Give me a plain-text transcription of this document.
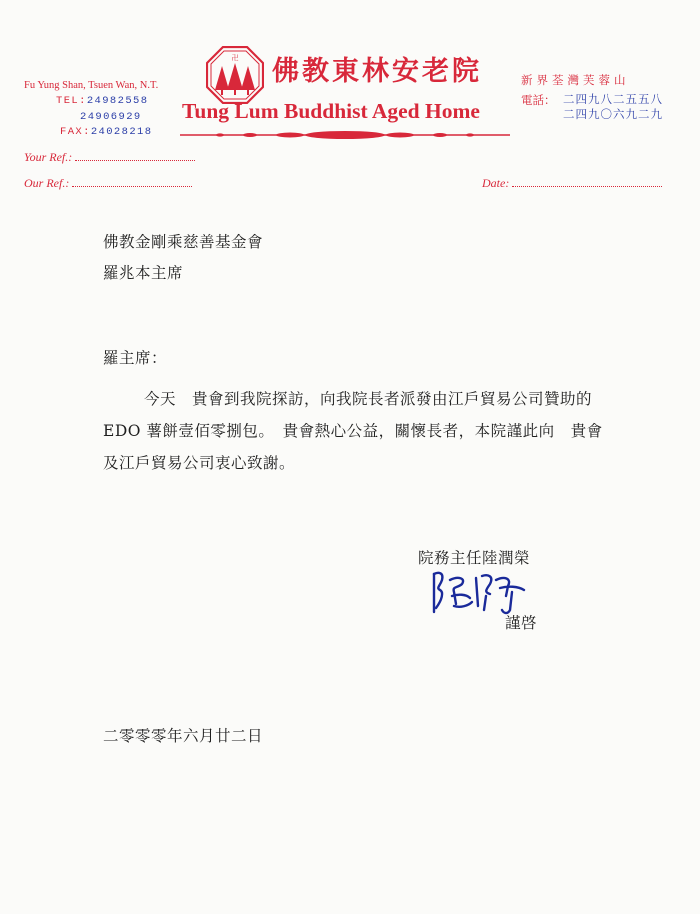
卍 佛教東林安老院
Tung Lum Buddhist Aged Home
Fu Yung Shan, Tsuen Wan, N.T.
TEL:24982558
24906929
FAX:24028218
新界荃灣芙蓉山
電話： 二四九八二五五八
二四九〇六九二九
Your Ref.:
Our Ref.:	Date:
佛教金剛乘慈善基金會
羅兆本主席
羅主席：
今天　貴會到我院探訪，向我院長者派發由江戶貿易公司贊助的
EDO 薯餅壹佰零捌包。　貴會熱心公益，關懷長者，本院謹此向　貴會
及江戶貿易公司衷心致謝。
院務主任陸潤榮
謹啓
二零零零年六月廿二日
